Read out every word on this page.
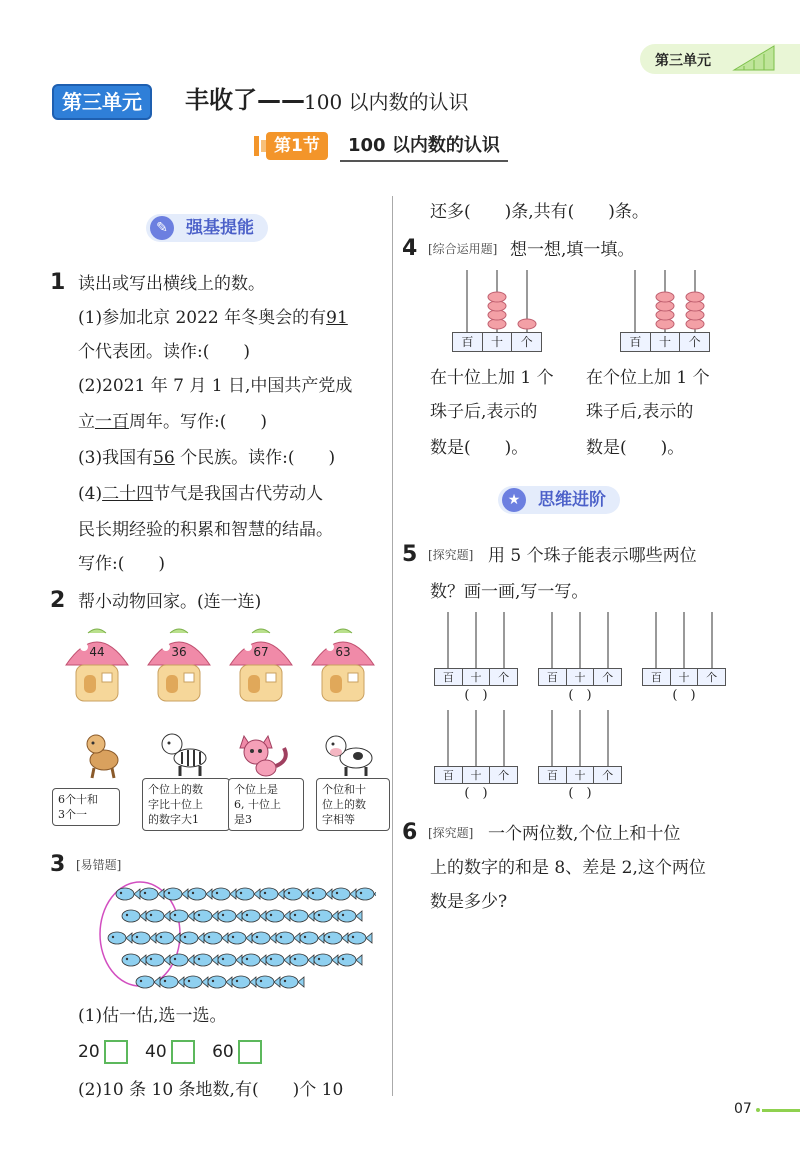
第三单元
第三单元	丰收了—— 100 以内数的认识
第1节	100 以内数的认识
✎	强基提能
1 读出或写出横线上的数。
(1)参加北京 2022 年冬奥会的有91
个代表团。读作:(　　)
(2)2021 年 7 月 1 日,中国共产党成
立一百周年。写作:(　　)
(3)我国有56 个民族。读作:(　　)
(4)二十四节气是我国古代劳动人
民长期经验的积累和智慧的结晶。
写作:(　　)
2 帮小动物回家。(连一连)
44	36	67	63
6个十和
3个一
个位上的数
字比十位上
的数字大1
个位上是
6, 十位上
是3
个位和十
位上的数
字相等
3 [易错题]
(1)估一估,选一选。
20	40	60
(2)10 条 10 条地数,有(　　)个 10
还多(　　)条,共有(　　)条。
4 [综合运用题] 想一想,填一填。
百	十	个	百	十	个
在十位上加 1 个
珠子后,表示的
数是(　　)。
在个位上加 1 个
珠子后,表示的
数是(　　)。
★	思维进阶
5 [探究题] 用 5 个珠子能表示哪些两位
数？画一画,写一写。
百	十	个
(　)
百	十	个
(　)
百	十	个
(　)
百	十	个
(　)
百	十	个
(　)
6 [探究题] 一个两位数,个位上和十位
上的数字的和是 8、差是 2,这个两位
数是多少?
07
